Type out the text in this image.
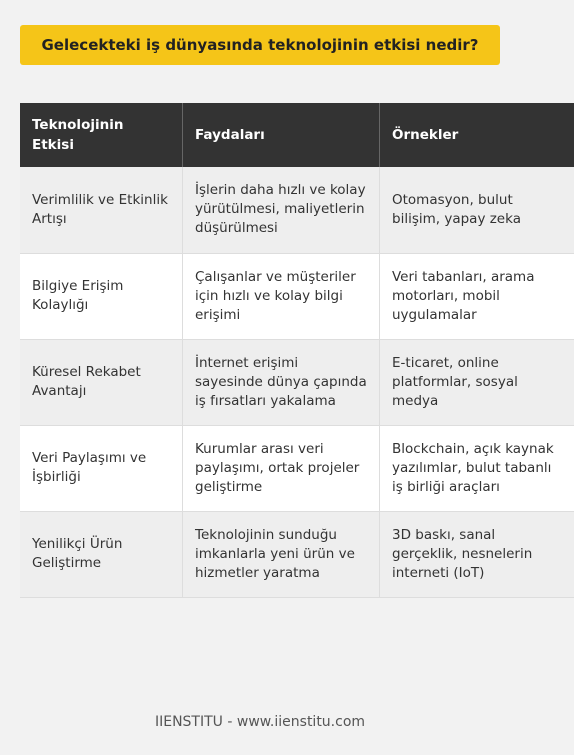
Gelecekteki iş dünyasında teknolojinin etkisi nedir?
Teknolojinin Etkisi	Faydaları	Örnekler
Verimlilik ve Etkinlik Artışı	İşlerin daha hızlı ve kolay yürütülmesi, maliyetlerin düşürülmesi	Otomasyon, bulut bilişim, yapay zeka
Bilgiye Erişim Kolaylığı	Çalışanlar ve müşteriler için hızlı ve kolay bilgi erişimi	Veri tabanları, arama motorları, mobil uygulamalar
Küresel Rekabet Avantajı	İnternet erişimi sayesinde dünya çapında iş fırsatları yakalama	E-ticaret, online platformlar, sosyal medya
Veri Paylaşımı ve İşbirliği	Kurumlar arası veri paylaşımı, ortak projeler geliştirme	Blockchain, açık kaynak yazılımlar, bulut tabanlı iş birliği araçları
Yenilikçi Ürün Geliştirme	Teknolojinin sunduğu imkanlarla yeni ürün ve hizmetler yaratma	3D baskı, sanal gerçeklik, nesnelerin interneti (IoT)
IIENSTITU - www.iienstitu.com
